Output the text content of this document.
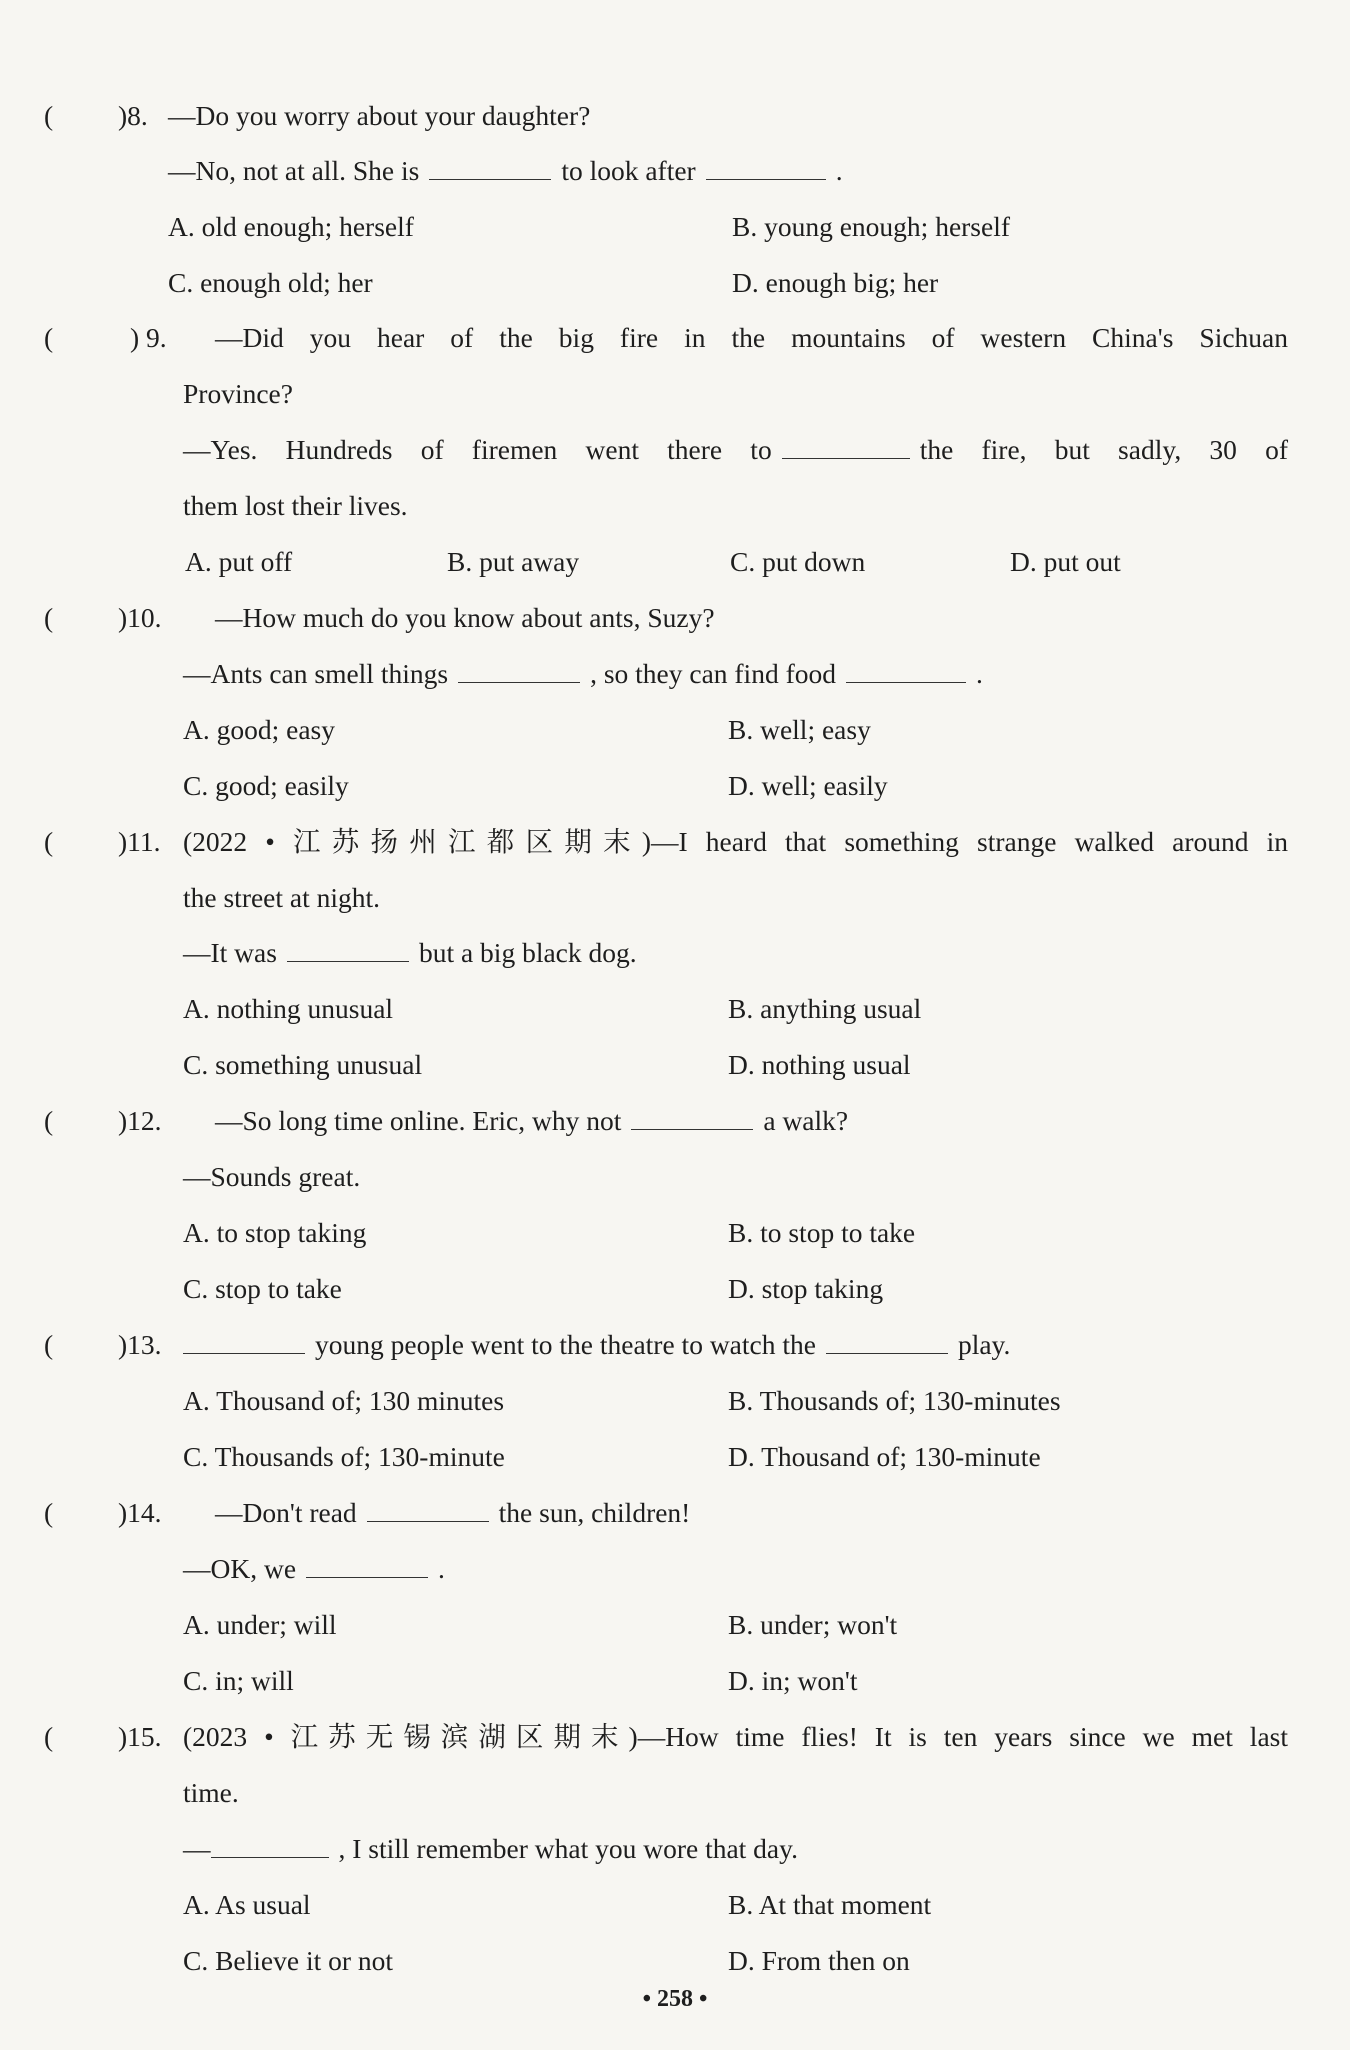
( )8. —Do you worry about your daughter?
—No, not at all. She is	to look after	.
A. old enough; herself	B. young enough; herself
C. enough old; her	D. enough big; her
(	) 9. —Did you hear of the big fire in the mountains of western China's Sichuan
Province?
—Yes. Hundreds of firemen went there to	the fire, but sadly, 30 of
them lost their lives.
A. put off	B. put away	C. put down	D. put out
( )10. —How much do you know about ants, Suzy?
—Ants can smell things	, so they can find food	.
A. good; easy	B. well; easy
C. good; easily	D. well; easily
( )11. (2022 • 江苏扬州江都区期末)—I heard that something strange walked around in
the street at night.
—It was	but a big black dog.
A. nothing unusual	B. anything usual
C. something unusual	D. nothing usual
( )12. —So long time online. Eric, why not	a walk?
—Sounds great.
A. to stop taking	B. to stop to take
C. stop to take	D. stop taking
( )13.	young people went to the theatre to watch the	play.
A. Thousand of; 130 minutes	B. Thousands of; 130-minutes
C. Thousands of; 130-minute	D. Thousand of; 130-minute
( )14. —Don't read	the sun, children!
—OK, we	.
A. under; will	B. under; won't
C. in; will	D. in; won't
( )15. (2023 • 江苏无锡滨湖区期末)—How time flies! It is ten years since we met last
time.
—	, I still remember what you wore that day.
A. As usual	B. At that moment
C. Believe it or not	D. From then on
• 258 •
